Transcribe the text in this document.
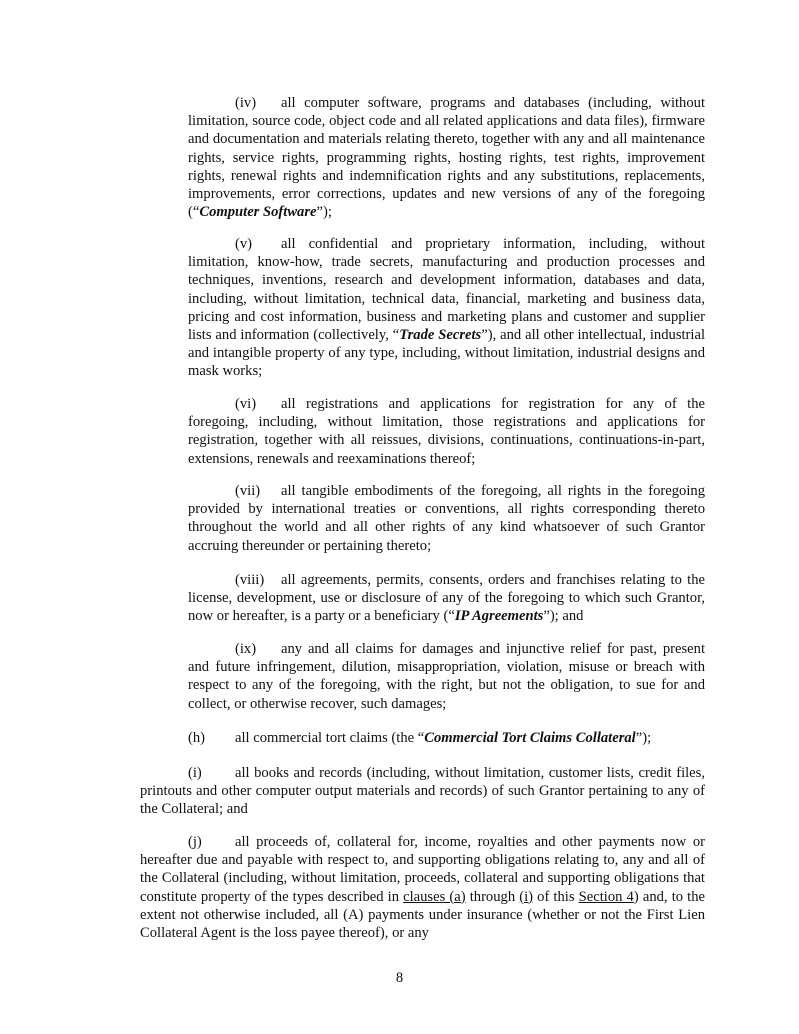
(iv) all computer software, programs and databases (including, without limitation, source code, object code and all related applications and data files), firmware and documentation and materials relating thereto, together with any and all maintenance rights, service rights, programming rights, hosting rights, test rights, improvement rights, renewal rights and indemnification rights and any substitutions, replacements, improvements, error corrections, updates and new versions of any of the foregoing (“Computer Software”);

(v) all confidential and proprietary information, including, without limitation, know-how, trade secrets, manufacturing and production processes and techniques, inventions, research and development information, databases and data, including, without limitation, technical data, financial, marketing and business data, pricing and cost information, business and marketing plans and customer and supplier lists and information (collectively, “Trade Secrets”), and all other intellectual, industrial and intangible property of any type, including, without limitation, industrial designs and mask works;

(vi) all registrations and applications for registration for any of the foregoing, including, without limitation, those registrations and applications for registration, together with all reissues, divisions, continuations, continuations-in-part, extensions, renewals and reexaminations thereof;

(vii) all tangible embodiments of the foregoing, all rights in the foregoing provided by international treaties or conventions, all rights corresponding thereto throughout the world and all other rights of any kind whatsoever of such Grantor accruing thereunder or pertaining thereto;

(viii) all agreements, permits, consents, orders and franchises relating to the license, development, use or disclosure of any of the foregoing to which such Grantor, now or hereafter, is a party or a beneficiary (“IP Agreements”); and

(ix) any and all claims for damages and injunctive relief for past, present and future infringement, dilution, misappropriation, violation, misuse or breach with respect to any of the foregoing, with the right, but not the obligation, to sue for and collect, or otherwise recover, such damages;

(h) all commercial tort claims (the “Commercial Tort Claims Collateral”);

(i) all books and records (including, without limitation, customer lists, credit files, printouts and other computer output materials and records) of such Grantor pertaining to any of the Collateral; and

(j) all proceeds of, collateral for, income, royalties and other payments now or hereafter due and payable with respect to, and supporting obligations relating to, any and all of the Collateral (including, without limitation, proceeds, collateral and supporting obligations that constitute property of the types described in clauses (a) through (i) of this Section 4) and, to the extent not otherwise included, all (A) payments under insurance (whether or not the First Lien Collateral Agent is the loss payee thereof), or any

8
